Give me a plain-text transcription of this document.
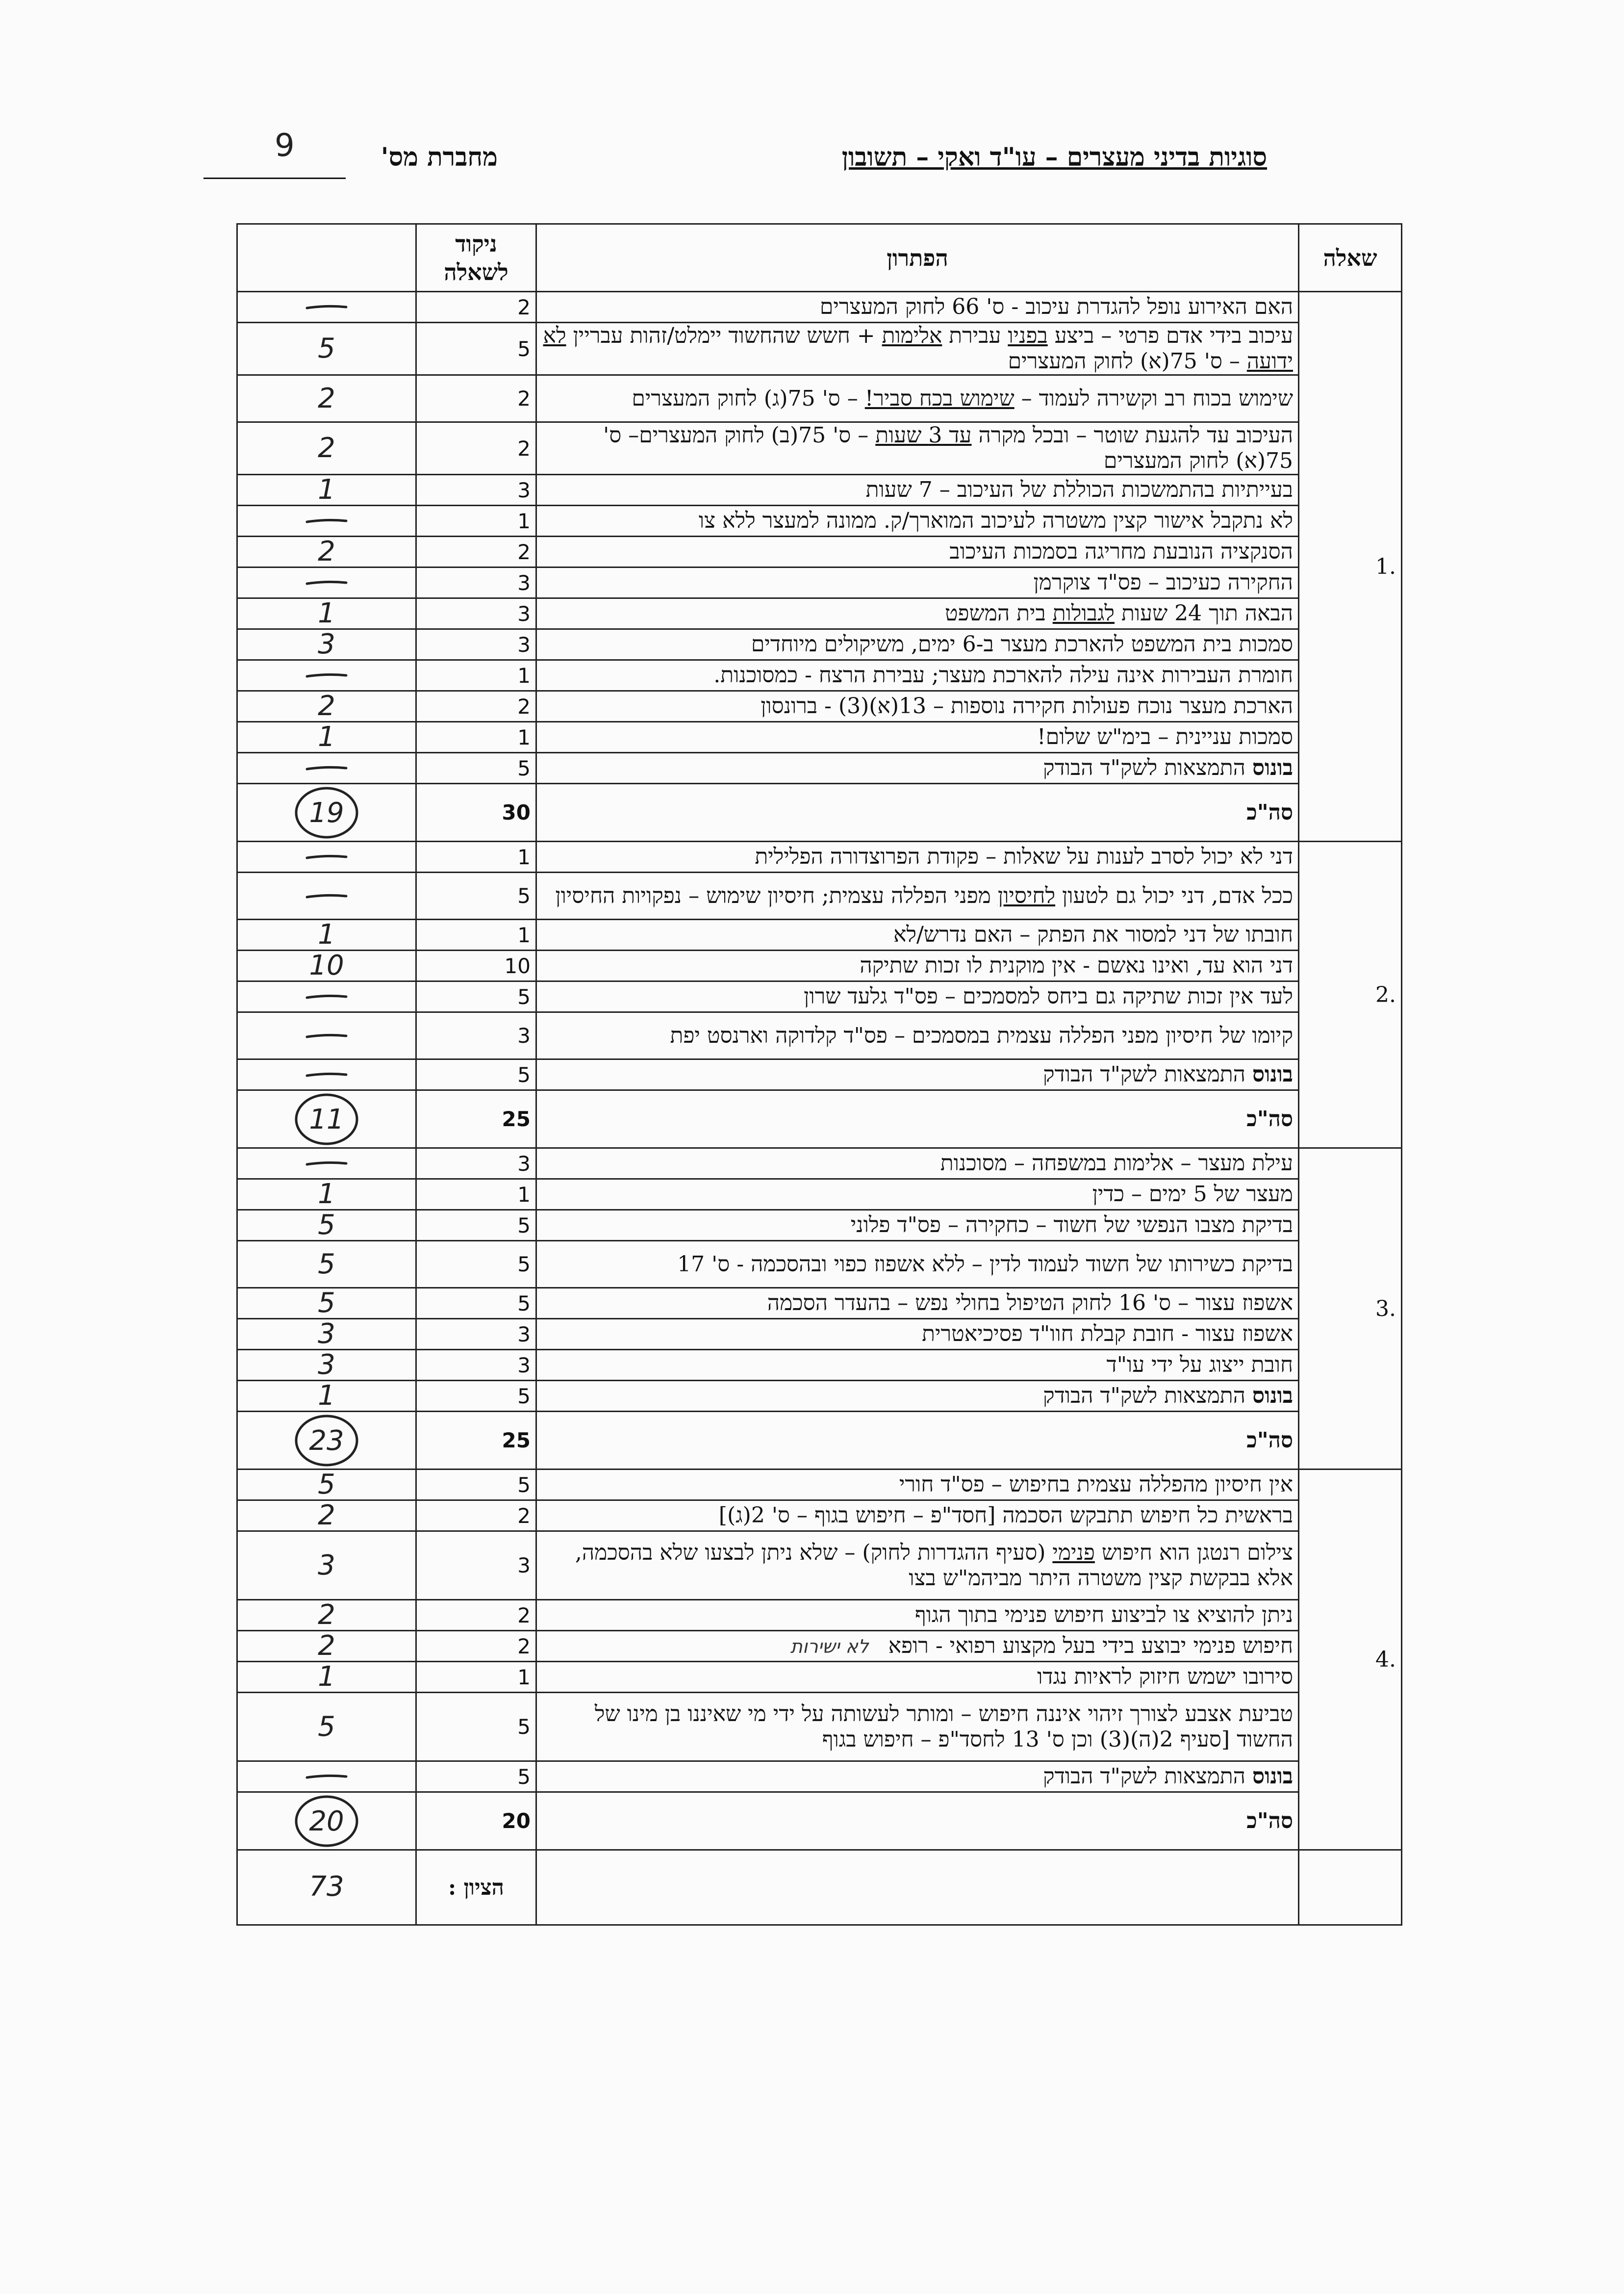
סוגיות בדיני מעצרים – עו"ד ואקי – תשובון
מחברת מס'
9
שאלה	הפתרון	ניקוד
לשאלה	
.1	האם האירוע נופל להגדרת עיכוב - ס' 66 לחוק המעצרים	2	

	עיכוב בידי אדם פרטי – ביצע בפניו עבירת אלימות + חשש שהחשוד יימלט/זהות עבריין לא ידועה – ס' 75(א) לחוק המעצרים	5	5

	שימוש בכוח רב וקשירה לעמוד – שימוש בכח סביר! – ס' 75(ג) לחוק המעצרים	2	2

	העיכוב עד להגעת שוטר – ובכל מקרה עד 3 שעות – ס' 75(ב) לחוק המעצרים– ס' 75(א) לחוק המעצרים	2	2

	בעייתיות בהתמשכות הכוללת של העיכוב – 7 שעות	3	1

	לא נתקבל אישור קצין משטרה לעיכוב המוארך/ק. ממונה למעצר ללא צו	1	

	הסנקציה הנובעת מחריגה בסמכות העיכוב	2	2

	החקירה כעיכוב – פס"ד צוקרמן	3	

	הבאה תוך 24 שעות לגבולות בית המשפט	3	1

	סמכות בית המשפט להארכת מעצר ב-6 ימים, משיקולים מיוחדים	3	3

	חומרת העבירות אינה עילה להארכת מעצר; עבירת הרצח - כמסוכנות.	1	

	הארכת מעצר נוכח פעולות חקירה נוספות – 13(א)(3) - ברונסון	2	2

	סמכות עניינית – בימ"ש שלום!	1	1

	בונוס התמצאות לשק"ד הבודק	5	

	סה"כ	30	19

.2	דני לא יכול לסרב לענות על שאלות – פקודת הפרוצדורה הפלילית	1	

	ככל אדם, דני יכול גם לטעון לחיסיון מפני הפללה עצמית; חיסיון שימוש – נפקויות החיסיון	5	

	חובתו של דני למסור את הפתק – האם נדרש/לא	1	1

	דני הוא עד, ואינו נאשם - אין מוקנית לו זכות שתיקה	10	10

	לעד אין זכות שתיקה גם ביחס למסמכים – פס"ד גלעד שרון	5	

	קיומו של חיסיון מפני הפללה עצמית במסמכים – פס"ד קלדוקה וארנסט יפת	3	

	בונוס התמצאות לשק"ד הבודק	5	

	סה"כ	25	11

.3	עילת מעצר – אלימות במשפחה – מסוכנות	3	

	מעצר של 5 ימים – כדין	1	1

	בדיקת מצבו הנפשי של חשוד – כחקירה – פס"ד פלוני	5	5

	בדיקת כשירותו של חשוד לעמוד לדין – ללא אשפוז כפוי ובהסכמה - ס' 17	5	5

	אשפוז עצור – ס' 16 לחוק הטיפול בחולי נפש – בהעדר הסכמה	5	5

	אשפוז עצור - חובת קבלת חוו"ד פסיכיאטרית	3	3

	חובת ייצוג על ידי עו"ד	3	3

	בונוס התמצאות לשק"ד הבודק	5	1

	סה"כ	25	23

.4	אין חיסיון מהפללה עצמית בחיפוש – פס"ד חורי	5	5

	בראשית כל חיפוש תתבקש הסכמה [חסד"פ – חיפוש בגוף – ס' 2(ג)]	2	2

	צילום רנטגן הוא חיפוש פנימי (סעיף ההגדרות לחוק) – שלא ניתן לבצעו שלא בהסכמה, אלא בבקשת קצין משטרה היתר מביהמ"ש בצו	3	3

	ניתן להוציא צו לביצוע חיפוש פנימי בתוך הגוף	2	2

	חיפוש פנימי יבוצע בידי בעל מקצוע רפואי - רופאלא ישירות	2	2

	סירובו ישמש חיזוק לראיות נגדו	1	1

	טביעת אצבע לצורך זיהוי איננה חיפוש – ומותר לעשותה על ידי מי שאיננו בן מינו של החשוד [סעיף 2(ה)(3) וכן ס' 13 לחסד"פ – חיפוש בגוף	5	5

	בונוס התמצאות לשק"ד הבודק	5	

	סה"כ	20	20

		הציון :	73
